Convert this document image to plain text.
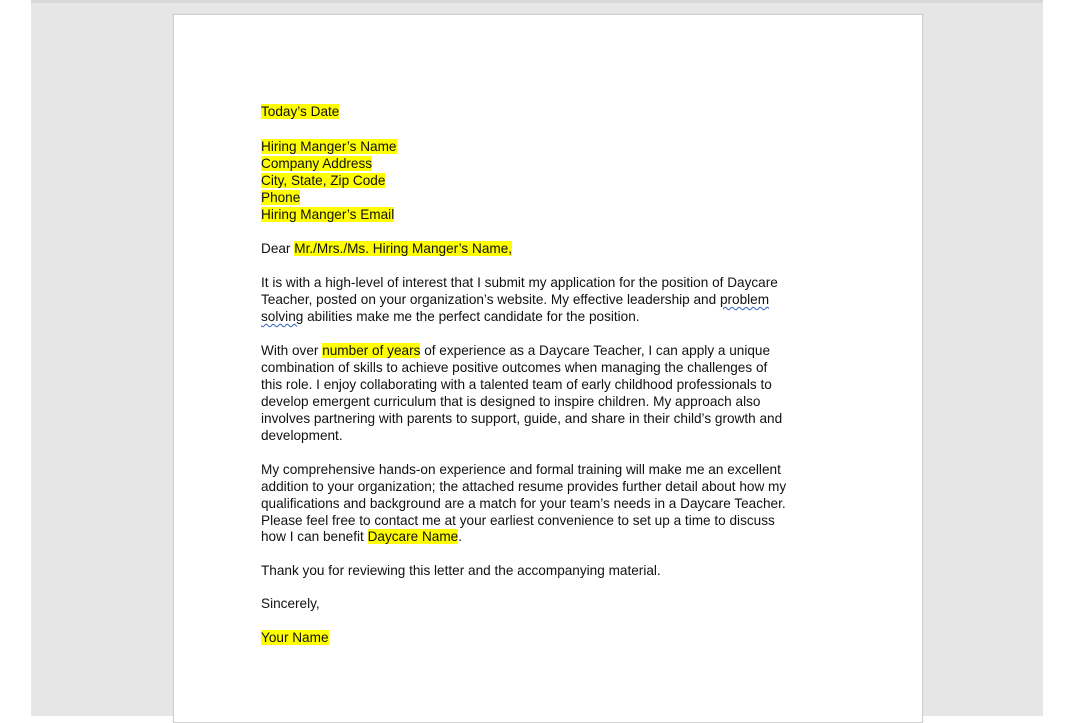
Today’s Date
Hiring Manger’s Name
Company Address
City, State, Zip Code
Phone
Hiring Manger’s Email
Dear Mr./Mrs./Ms. Hiring Manger’s Name,
It is with a high-level of interest that I submit my application for the position of Daycare
Teacher, posted on your organization’s website. My effective leadership and problem
solving abilities make me the perfect candidate for the position.
With over number of years of experience as a Daycare Teacher, I can apply a unique
combination of skills to achieve positive outcomes when managing the challenges of
this role. I enjoy collaborating with a talented team of early childhood professionals to
develop emergent curriculum that is designed to inspire children. My approach also
involves partnering with parents to support, guide, and share in their child’s growth and
development.
My comprehensive hands-on experience and formal training will make me an excellent
addition to your organization; the attached resume provides further detail about how my
qualifications and background are a match for your team’s needs in a Daycare Teacher.
Please feel free to contact me at your earliest convenience to set up a time to discuss
how I can benefit Daycare Name.
Thank you for reviewing this letter and the accompanying material.
Sincerely,
Your Name
